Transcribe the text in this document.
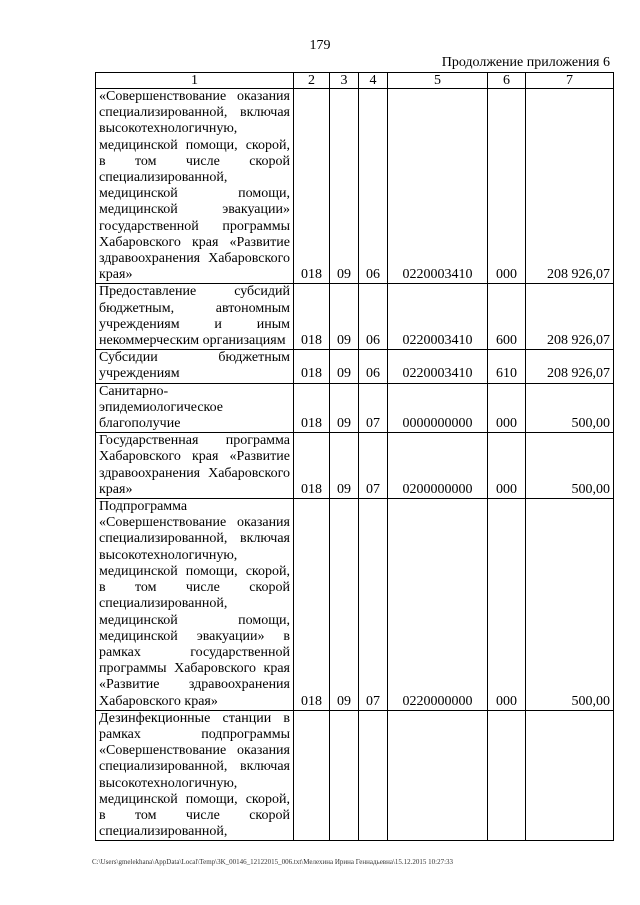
179
Продолжение приложения 6
1	2	3	4	5	6	7
«Совершенствование оказания специализированной, включая высокотехнологичную, медицинской помощи, скорой, в том числе скорой специализированной, медицинской помощи, медицинской эвакуации» государственной программы Хабаровского края «Развитие здравоохранения Хабаровского края»	018	09	06	0220003410	000	208 926,07
Предоставление субсидий бюджетным, автономным учреждениям и иным некоммерческим организациям	018	09	06	0220003410	600	208 926,07
Субсидии бюджетным учреждениям	018	09	06	0220003410	610	208 926,07
Санитарно-эпидемиологическое благополучие	018	09	07	0000000000	000	500,00
Государственная программа Хабаровского края «Развитие здравоохранения Хабаровского края»	018	09	07	0200000000	000	500,00
Подпрограмма «Совершенствование оказания специализированной, включая высокотехнологичную, медицинской помощи, скорой, в том числе скорой специализированной, медицинской помощи, медицинской эвакуации» в рамках государственной программы Хабаровского края «Развитие здравоохранения Хабаровского края»	018	09	07	0220000000	000	500,00
Дезинфекционные станции в рамках подпрограммы «Совершенствование оказания специализированной, включая высокотехнологичную, медицинской помощи, скорой, в том числе скорой специализированной,						
C:\Users\gmelekhana\AppData\Local\Temp\3K_00146_12122015_006.txt\Мелехина Ирина Геннадьевна\15.12.2015 10:27:33
